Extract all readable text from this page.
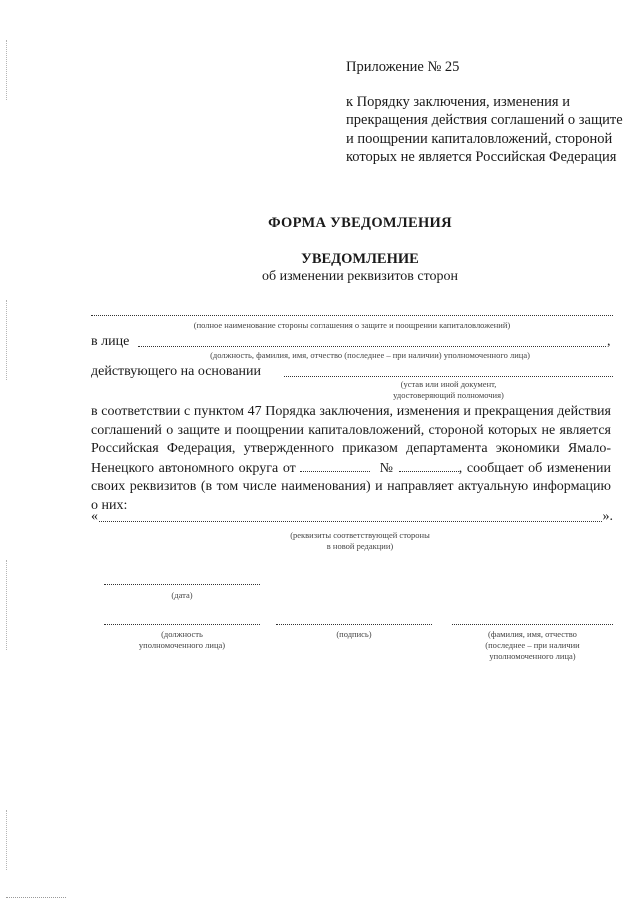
Приложение № 25
к Порядку заключения, изменения и прекращения действия соглашений о защите и поощрении капиталовложений, стороной которых не является Российская Федерация
ФОРМА УВЕДОМЛЕНИЯ
УВЕДОМЛЕНИЕ
об изменении реквизитов сторон
(полное наименование стороны соглашения о защите и поощрении капиталовложений)
в лице	,
(должность, фамилия, имя, отчество (последнее – при наличии) уполномоченного лица)
действующего на основании
(устав или иной документ,
удостоверяющий полномочия)
в соответствии с пунктом 47 Порядка заключения, изменения и прекращения действия соглашений о защите и поощрении капиталовложений, стороной которых не является Российская Федерация, утвержденного приказом департамента экономики Ямало-Ненецкого автономного округа от	№	, сообщает об изменении своих реквизитов (в том числе наименования) и направляет актуальную информацию о них:
«	».
(реквизиты соответствующей стороны
в новой редакции)
(дата)
(должность
уполномоченного лица)
(подпись)	(фамилия, имя, отчество
(последнее – при наличии
уполномоченного лица)
